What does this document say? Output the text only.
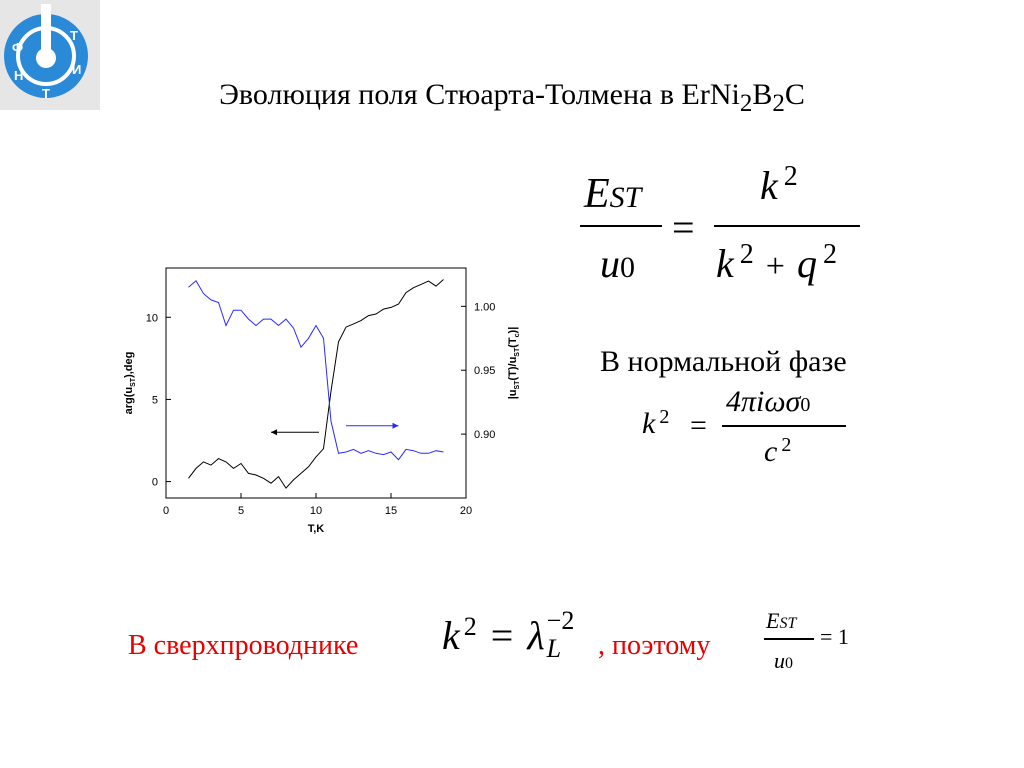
Ф
Т
И
Н
Т	Эволюция поля Стюарта-Толмена в $ErNi_2B_2C$
EST
u0
=
k $^2$
k $^2$ + q $^2$
В нормальной фазе
k $^2$ =
4πiωσ0
c $^2$
0	5	10	15	20
T,K
0
5
10
0.90
0.95
1.00
$arg(u_{ST}),deg$
$|u_{ST}(T)/u_{ST}(T_c)|$
В сверхпроводнике k $^2$ = λ −2
L , поэтому
EST
u0
= 1
